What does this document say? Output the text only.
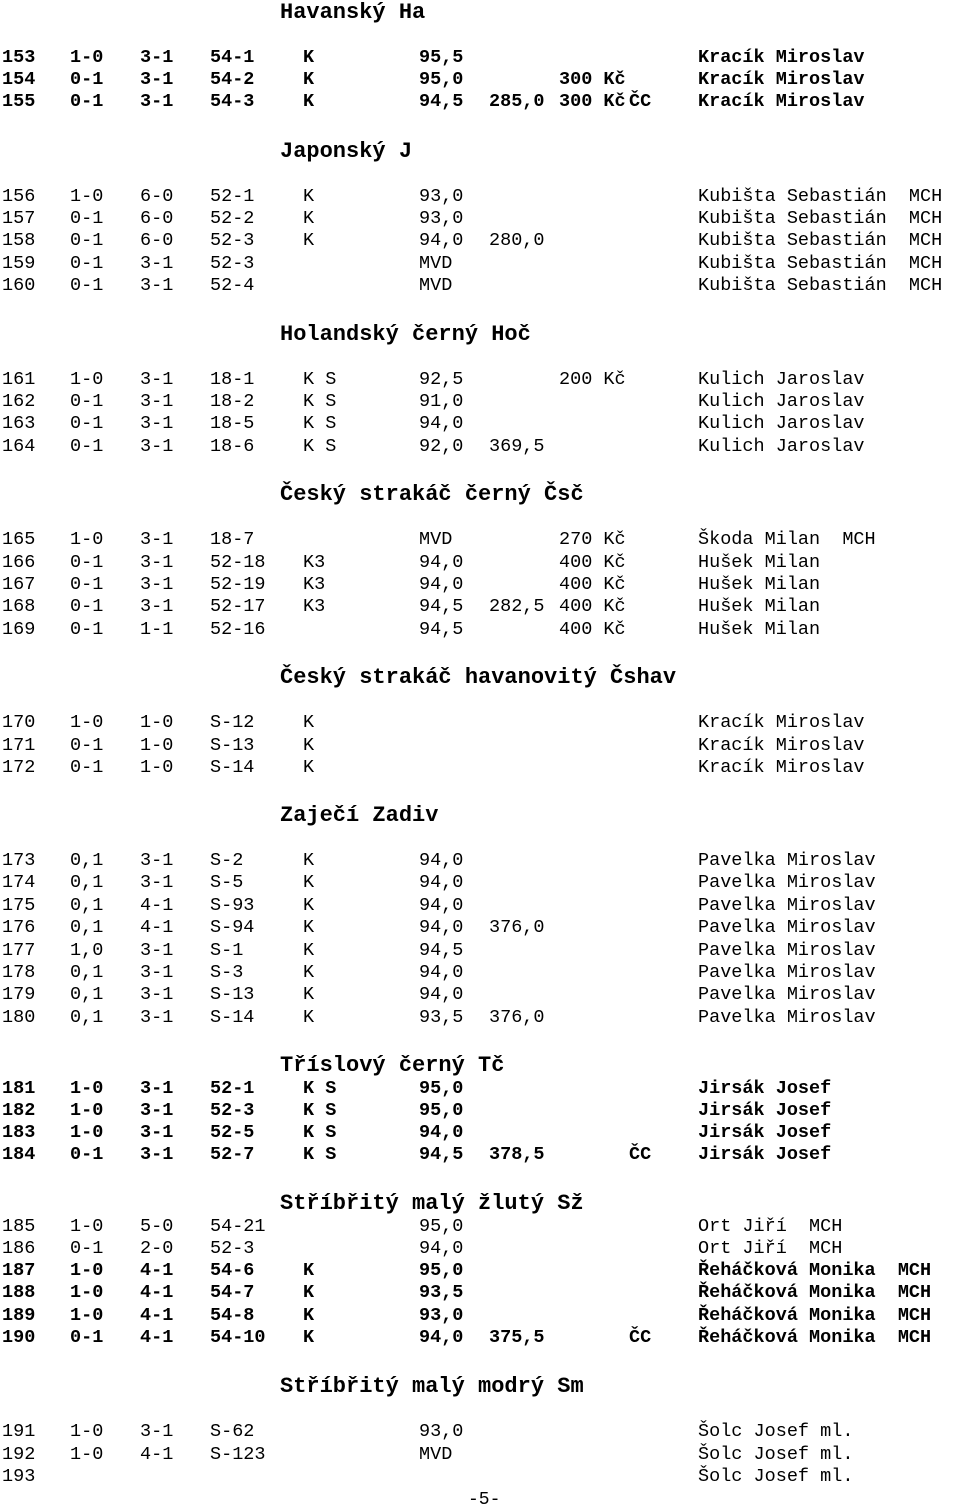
Havanský Ha
153 1-0 3-1 54-1	K	95,5	Kracík Miroslav
154 0-1 3-1 54-2	K	95,0	300 Kč	Kracík Miroslav
155 0-1 3-1 54-3	K	94,5 285,0 300 Kč ČC	Kracík Miroslav
Japonský J
156 1-0 6-0 52-1	K	93,0	Kubišta Sebastián  MCH
157 0-1 6-0 52-2	K	93,0	Kubišta Sebastián  MCH
158 0-1 6-0 52-3	K	94,0 280,0	Kubišta Sebastián  MCH
159 0-1 3-1 52-3	MVD	Kubišta Sebastián  MCH
160 0-1 3-1 52-4	MVD	Kubišta Sebastián  MCH
Holandský černý Hoč
161 1-0 3-1 18-1	K S	92,5	200 Kč	Kulich Jaroslav
162 0-1 3-1 18-2	K S	91,0	Kulich Jaroslav
163 0-1 3-1 18-5	K S	94,0	Kulich Jaroslav
164 0-1 3-1 18-6	K S	92,0 369,5	Kulich Jaroslav
Český strakáč černý Čsč
165 1-0 3-1 18-7	MVD	270 Kč	Škoda Milan  MCH
166 0-1 3-1 52-18 K3	94,0	400 Kč	Hušek Milan
167 0-1 3-1 52-19 K3	94,0	400 Kč	Hušek Milan
168 0-1 3-1 52-17 K3	94,5 282,5 400 Kč	Hušek Milan
169 0-1 1-1 52-16	94,5	400 Kč	Hušek Milan
Český strakáč havanovitý Čshav
170 1-0 1-0 S-12	K	Kracík Miroslav
171 0-1 1-0 S-13	K	Kracík Miroslav
172 0-1 1-0 S-14	K	Kracík Miroslav
Zaječí Zadiv
173 0,1 3-1 S-2	K	94,0	Pavelka Miroslav
174 0,1 3-1 S-5	K	94,0	Pavelka Miroslav
175 0,1 4-1 S-93	K	94,0	Pavelka Miroslav
176 0,1 4-1 S-94	K	94,0 376,0	Pavelka Miroslav
177 1,0 3-1 S-1	K	94,5	Pavelka Miroslav
178 0,1 3-1 S-3	K	94,0	Pavelka Miroslav
179 0,1 3-1 S-13	K	94,0	Pavelka Miroslav
180 0,1 3-1 S-14	K	93,5 376,0	Pavelka Miroslav
Tříslový černý Tč
181 1-0 3-1 52-1	K S	95,0	Jirsák Josef
182 1-0 3-1 52-3	K S	95,0	Jirsák Josef
183 1-0 3-1 52-5	K S	94,0	Jirsák Josef
184 0-1 3-1 52-7	K S	94,5 378,5	ČC	Jirsák Josef
Stříbřitý malý žlutý Sž
185 1-0 5-0 54-21	95,0	Ort Jiří  MCH
186 0-1 2-0 52-3	94,0	Ort Jiří  MCH
187 1-0 4-1 54-6	K	95,0	Řeháčková Monika  MCH
188 1-0 4-1 54-7	K	93,5	Řeháčková Monika  MCH
189 1-0 4-1 54-8	K	93,0	Řeháčková Monika  MCH
190 0-1 4-1 54-10 K	94,0 375,5	ČC	Řeháčková Monika  MCH
Stříbřitý malý modrý Sm
191 1-0 3-1 S-62	93,0	Šolc Josef ml.
192 1-0 4-1 S-123	MVD	Šolc Josef ml.
193	Šolc Josef ml.
-5-
